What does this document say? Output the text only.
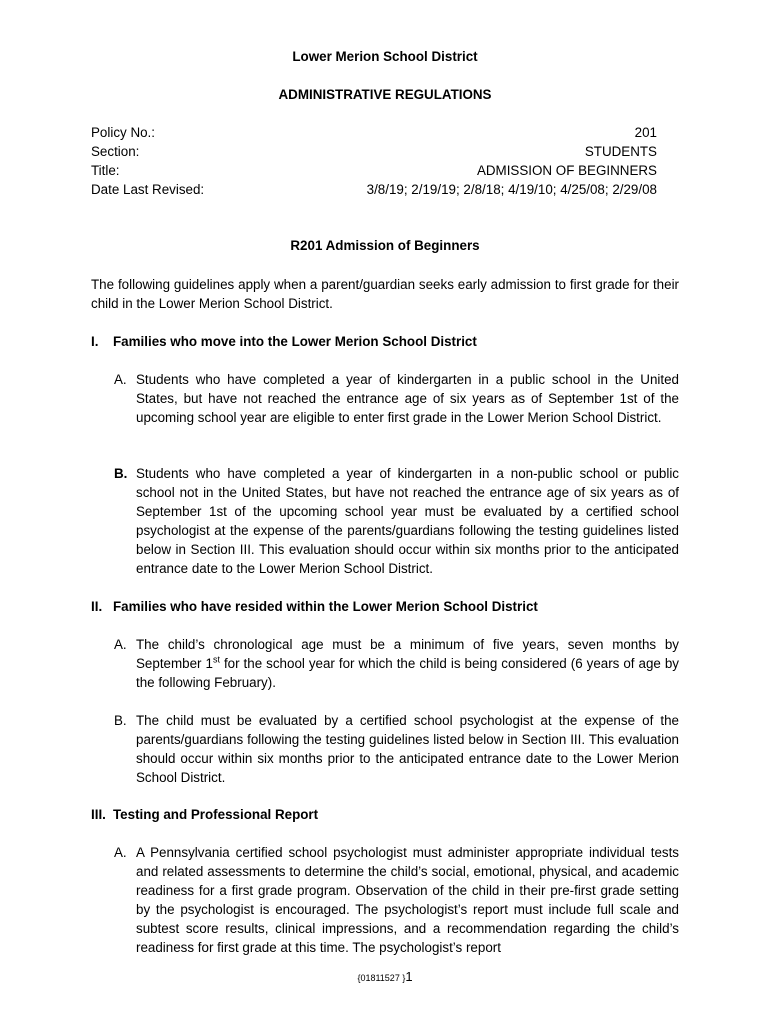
Lower Merion School District
ADMINISTRATIVE REGULATIONS
Policy No.:	201
Section:	STUDENTS
Title:	ADMISSION OF BEGINNERS
Date Last Revised:	3/8/19; 2/19/19; 2/8/18; 4/19/10; 4/25/08; 2/29/08
R201 Admission of Beginners
The following guidelines apply when a parent/guardian seeks early admission to first grade for their child in the Lower Merion School District.
I. Families who move into the Lower Merion School District
A. Students who have completed a year of kindergarten in a public school in the United States, but have not reached the entrance age of six years as of September 1st of the upcoming school year are eligible to enter first grade in the Lower Merion School District.
B. Students who have completed a year of kindergarten in a non-public school or public school not in the United States, but have not reached the entrance age of six years as of September 1st of the upcoming school year must be evaluated by a certified school psychologist at the expense of the parents/guardians following the testing guidelines listed below in Section III. This evaluation should occur within six months prior to the anticipated entrance date to the Lower Merion School District.
II. Families who have resided within the Lower Merion School District
A. The child’s chronological age must be a minimum of five years, seven months by September 1st for the school year for which the child is being considered (6 years of age by the following February).
B. The child must be evaluated by a certified school psychologist at the expense of the parents/guardians following the testing guidelines listed below in Section III. This evaluation should occur within six months prior to the anticipated entrance date to the Lower Merion School District.
III. Testing and Professional Report
A. A Pennsylvania certified school psychologist must administer appropriate individual tests and related assessments to determine the child’s social, emotional, physical, and academic readiness for a first grade program. Observation of the child in their pre-first grade setting by the psychologist is encouraged. The psychologist’s report must include full scale and subtest score results, clinical impressions, and a recommendation regarding the child’s readiness for first grade at this time. The psychologist’s report
{01811527 }1
